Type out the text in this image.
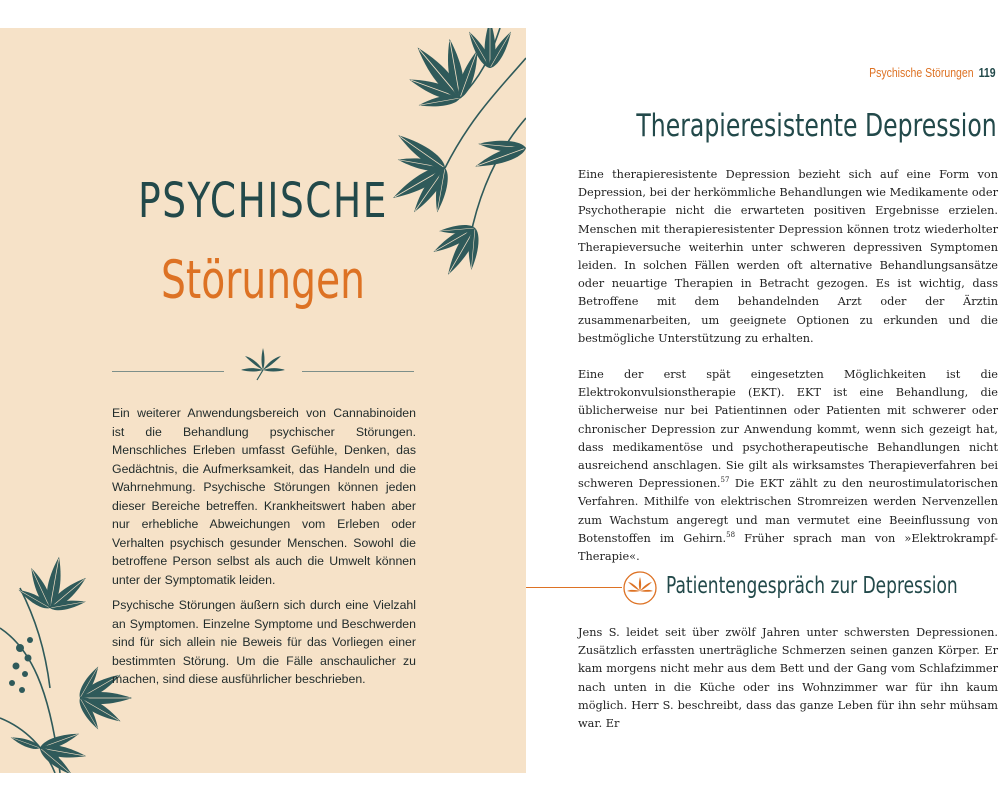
PSYCHISCHE
Störungen

Ein weiterer Anwendungsbereich von Cannabinoiden ist die Behandlung psychischer Störungen. Menschliches Erleben umfasst Gefühle, Denken, das Gedächtnis, die Aufmerksamkeit, das Handeln und die Wahrnehmung. Psychische Störungen können jeden dieser Bereiche betreffen. Krankheitswert haben aber nur erhebliche Abweichungen vom Erleben oder Verhalten psychisch gesunder Menschen. Sowohl die betroffene Person selbst als auch die Umwelt können unter der Symptomatik leiden.

Psychische Störungen äußern sich durch eine Vielzahl an Symptomen. Einzelne Symptome und Beschwerden sind für sich allein nie Beweis für das Vorliegen einer bestimmten Störung. Um die Fälle anschaulicher zu machen, sind diese ausführlicher beschrieben.

Psychische Störungen 119
Therapieresistente Depression

Eine therapieresistente Depression bezieht sich auf eine Form von Depression, bei der herkömmliche Behandlungen wie Medikamente oder Psychotherapie nicht die erwarteten positiven Ergebnisse erzielen. Menschen mit therapieresistenter Depression können trotz wiederholter Therapieversuche weiterhin unter schweren depressiven Symptomen leiden. In solchen Fällen werden oft alternative Behandlungsansätze oder neuartige Therapien in Betracht gezogen. Es ist wichtig, dass Betroffene mit dem behandelnden Arzt oder der Ärztin zusammenarbeiten, um geeignete Optionen zu erkunden und die bestmögliche Unterstützung zu erhalten.

Eine der erst spät eingesetzten Möglichkeiten ist die Elektrokonvulsionstherapie (EKT). EKT ist eine Behandlung, die üblicherweise nur bei Patientinnen oder Patienten mit schwerer oder chronischer Depression zur Anwendung kommt, wenn sich gezeigt hat, dass medikamentöse und psychotherapeutische Behandlungen nicht ausreichend anschlagen. Sie gilt als wirksamstes Therapieverfahren bei schweren Depressionen.$^{57}$ Die EKT zählt zu den neurostimulatorischen Verfahren. Mithilfe von elektrischen Stromreizen werden Nervenzellen zum Wachstum angeregt und man vermutet eine Beeinflussung von Botenstoffen im Gehirn.$^{58}$ Früher sprach man von »Elektrokrampf-Therapie«.

Patientengespräch zur Depression

Jens S. leidet seit über zwölf Jahren unter schwersten Depressionen. Zusätzlich erfassten unerträgliche Schmerzen seinen ganzen Körper. Er kam morgens nicht mehr aus dem Bett und der Gang vom Schlafzimmer nach unten in die Küche oder ins Wohnzimmer war für ihn kaum möglich. Herr S. beschreibt, dass das ganze Leben für ihn sehr mühsam war. Er
